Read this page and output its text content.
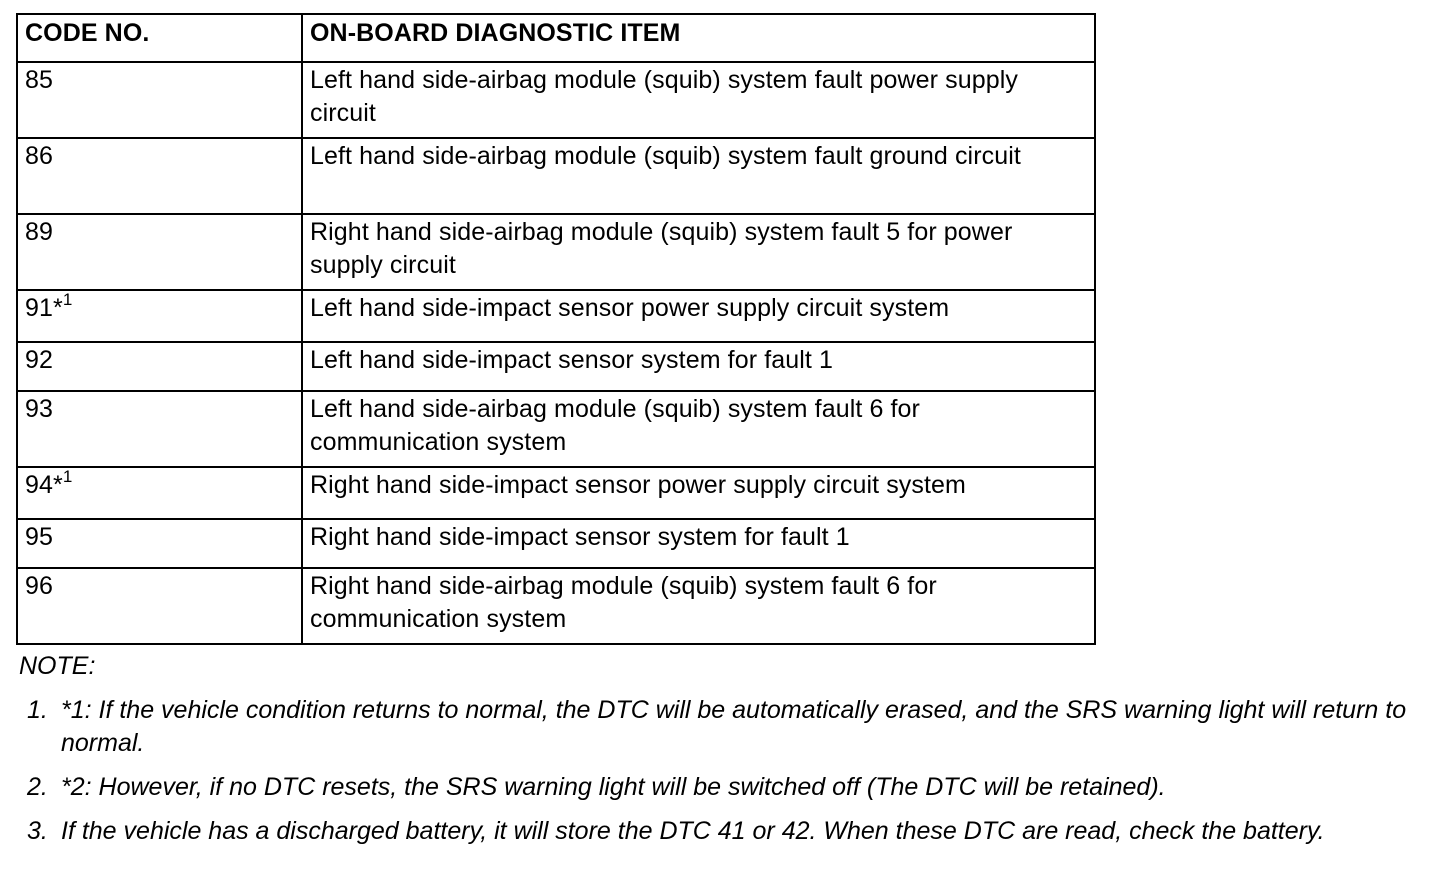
CODE NO.	ON-BOARD DIAGNOSTIC ITEM
85	Left hand side-airbag module (squib) system fault power supply circuit
86	Left hand side-airbag module (squib) system fault ground circuit
89	Right hand side-airbag module (squib) system fault 5 for power supply circuit
91*$^1$	Left hand side-impact sensor power supply circuit system
92	Left hand side-impact sensor system for fault 1
93	Left hand side-airbag module (squib) system fault 6 for communication system
94*$^1$	Right hand side-impact sensor power supply circuit system
95	Right hand side-impact sensor system for fault 1
96	Right hand side-airbag module (squib) system fault 6 for communication system
NOTE:
1. *1: If the vehicle condition returns to normal, the DTC will be automatically erased, and the SRS warning light will return to normal.
2. *2: However, if no DTC resets, the SRS warning light will be switched off (The DTC will be retained).
3. If the vehicle has a discharged battery, it will store the DTC 41 or 42. When these DTC are read, check the battery.
